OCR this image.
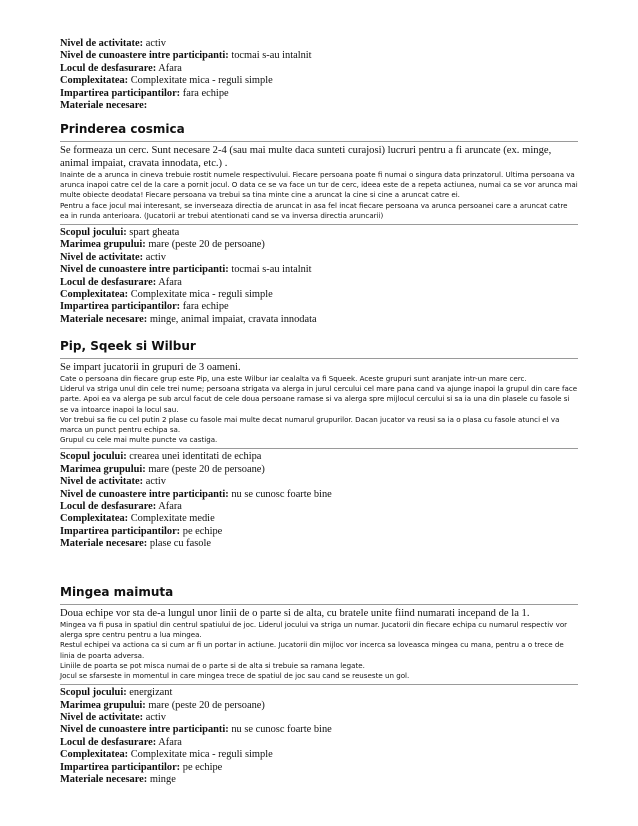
Nivel de activitate: activ
Nivel de cunoastere intre participanti: tocmai s-au intalnit
Locul de desfasurare: Afara
Complexitatea: Complexitate mica - reguli simple
Impartirea participantilor: fara echipe
Materiale necesare:
Prinderea cosmica
Se formeaza un cerc. Sunt necesare 2-4 (sau mai multe daca sunteti curajosi) lucruri pentru a fi aruncate (ex. minge, animal impaiat, cravata innodata, etc.) .

Inainte de a arunca in cineva trebuie rostit numele respectivului. Fiecare persoana poate fi numai o singura data prinzatorul. Ultima persoana va arunca inapoi catre cel de la care a pornit jocul. O data ce se va face un tur de cerc, ideea este de a repeta actiunea, numai ca se vor arunca mai multe obiecte deodata! Fiecare persoana va trebui sa tina minte cine a aruncat la cine si cine a aruncat catre ei.

Pentru a face jocul mai interesant, se inverseaza directia de aruncat in asa fel incat fiecare persoana va arunca persoanei care a aruncat catre ea in runda anterioara. (Jucatorii ar trebui atentionati cand se va inversa directia aruncarii)

Scopul jocului: spart gheata
Marimea grupului: mare (peste 20 de persoane)
Nivel de activitate: activ
Nivel de cunoastere intre participanti: tocmai s-au intalnit
Locul de desfasurare: Afara
Complexitatea: Complexitate mica - reguli simple
Impartirea participantilor: fara echipe
Materiale necesare: minge, animal impaiat, cravata innodata
Pip, Sqeek si Wilbur
Se impart jucatorii in grupuri de 3 oameni.

Cate o persoana din fiecare grup este Pip, una este Wilbur iar cealalta va fi Squeek. Aceste grupuri sunt aranjate intr-un mare cerc.

Liderul va striga unul din cele trei nume; persoana strigata va alerga in jurul cercului cel mare pana cand va ajunge inapoi la grupul din care face parte. Apoi ea va alerga pe sub arcul facut de cele doua persoane ramase si va alerga spre mijlocul cercului si sa ia una din plasele cu fasole si se va intoarce inapoi la locul sau.

Vor trebui sa fie cu cel putin 2 plase cu fasole mai multe decat numarul grupurilor. Dacan jucator va reusi sa ia o plasa cu fasole atunci el va marca un punct pentru echipa sa.

Grupul cu cele mai multe puncte va castiga.

Scopul jocului: crearea unei identitati de echipa
Marimea grupului: mare (peste 20 de persoane)
Nivel de activitate: activ
Nivel de cunoastere intre participanti: nu se cunosc foarte bine
Locul de desfasurare: Afara
Complexitatea: Complexitate medie
Impartirea participantilor: pe echipe
Materiale necesare: plase cu fasole
Mingea maimuta
Doua echipe vor sta de-a lungul unor linii de o parte si de alta, cu bratele unite fiind numarati incepand de la 1.

Mingea va fi pusa in spatiul din centrul spatiului de joc. Liderul jocului va striga un numar. Jucatorii din fiecare echipa cu numarul respectiv vor alerga spre centru pentru a lua mingea.

Restul echipei va actiona ca si cum ar fi un portar in actiune. Jucatorii din mijloc vor incerca sa loveasca mingea cu mana, pentru a o trece de linia de poarta adversa.

Liniile de poarta se pot misca numai de o parte si de alta si trebuie sa ramana legate.

Jocul se sfarseste in momentul in care mingea trece de spatiul de joc sau cand se reuseste un gol.

Scopul jocului: energizant
Marimea grupului: mare (peste 20 de persoane)
Nivel de activitate: activ
Nivel de cunoastere intre participanti: nu se cunosc foarte bine
Locul de desfasurare: Afara
Complexitatea: Complexitate mica - reguli simple
Impartirea participantilor: pe echipe
Materiale necesare: minge
